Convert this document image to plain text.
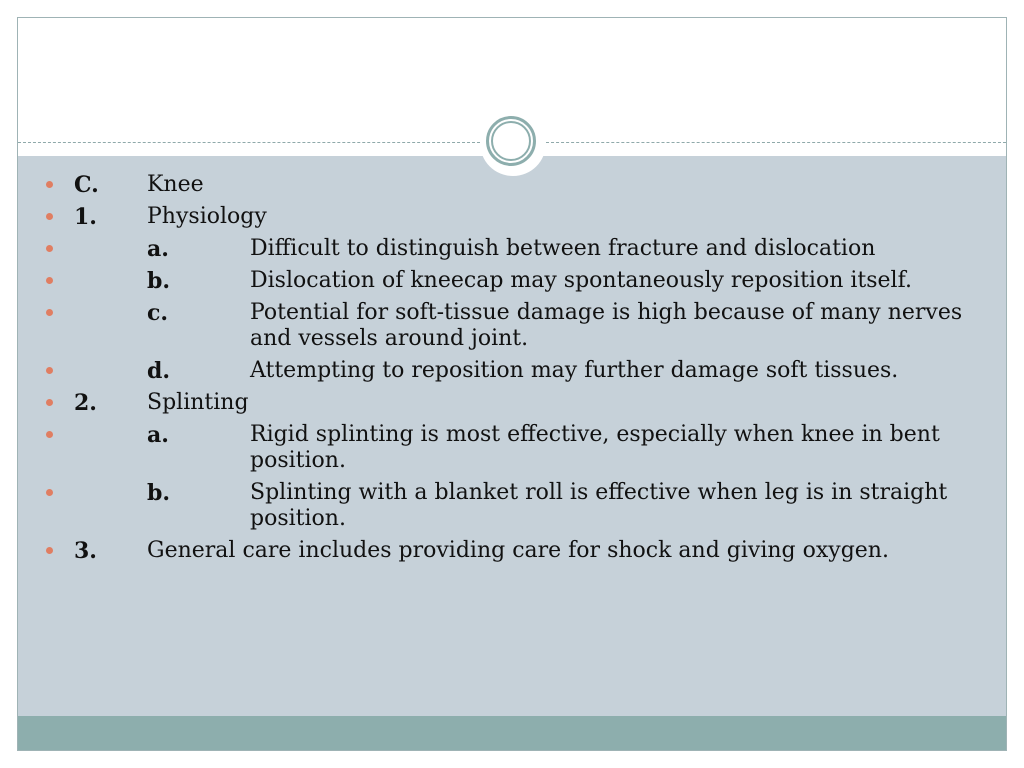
C. Knee
1. Physiology
a.	Difficult to distinguish between fracture and dislocation
b.	Dislocation of kneecap may spontaneously reposition itself.
c.	Potential for soft-tissue damage is high because of many nerves and vessels around joint.
d.	Attempting to reposition may further damage soft tissues.
2. Splinting
a.	Rigid splinting is most effective, especially when knee in bent position.
b.	Splinting with a blanket roll is effective when leg is in straight position.
3. General care includes providing care for shock and giving oxygen.
